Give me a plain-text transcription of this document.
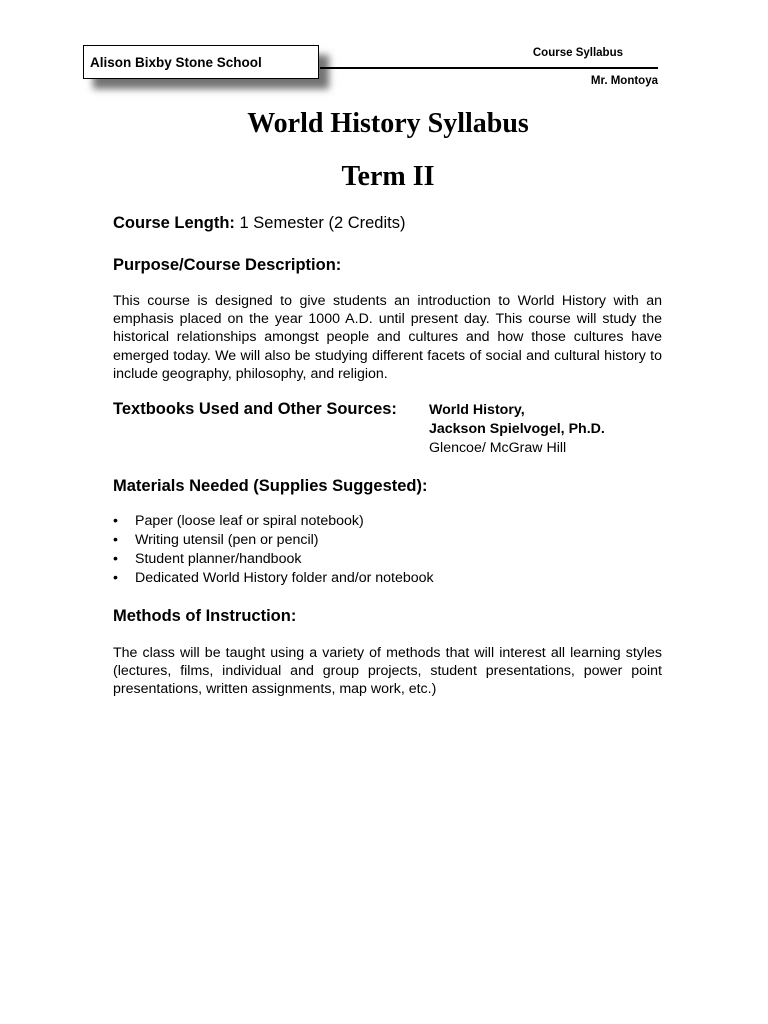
Alison Bixby Stone School
Course Syllabus
Mr. Montoya
World History Syllabus
Term II
Course Length: 1 Semester (2 Credits)
Purpose/Course Description:

This course is designed to give students an introduction to World History with an emphasis placed on the year 1000 A.D. until present day. This course will study the historical relationships amongst people and cultures and how those cultures have emerged today. We will also be studying different facets of social and cultural history to include geography, philosophy, and religion.

Textbooks Used and Other Sources: World History,
Jackson Spielvogel, Ph.D.
Glencoe/ McGraw Hill
Materials Needed (Supplies Suggested):
• Paper (loose leaf or spiral notebook)
• Writing utensil (pen or pencil)
• Student planner/handbook
• Dedicated World History folder and/or notebook
Methods of Instruction:

The class will be taught using a variety of methods that will interest all learning styles (lectures, films, individual and group projects, student presentations, power point presentations, written assignments, map work, etc.)
